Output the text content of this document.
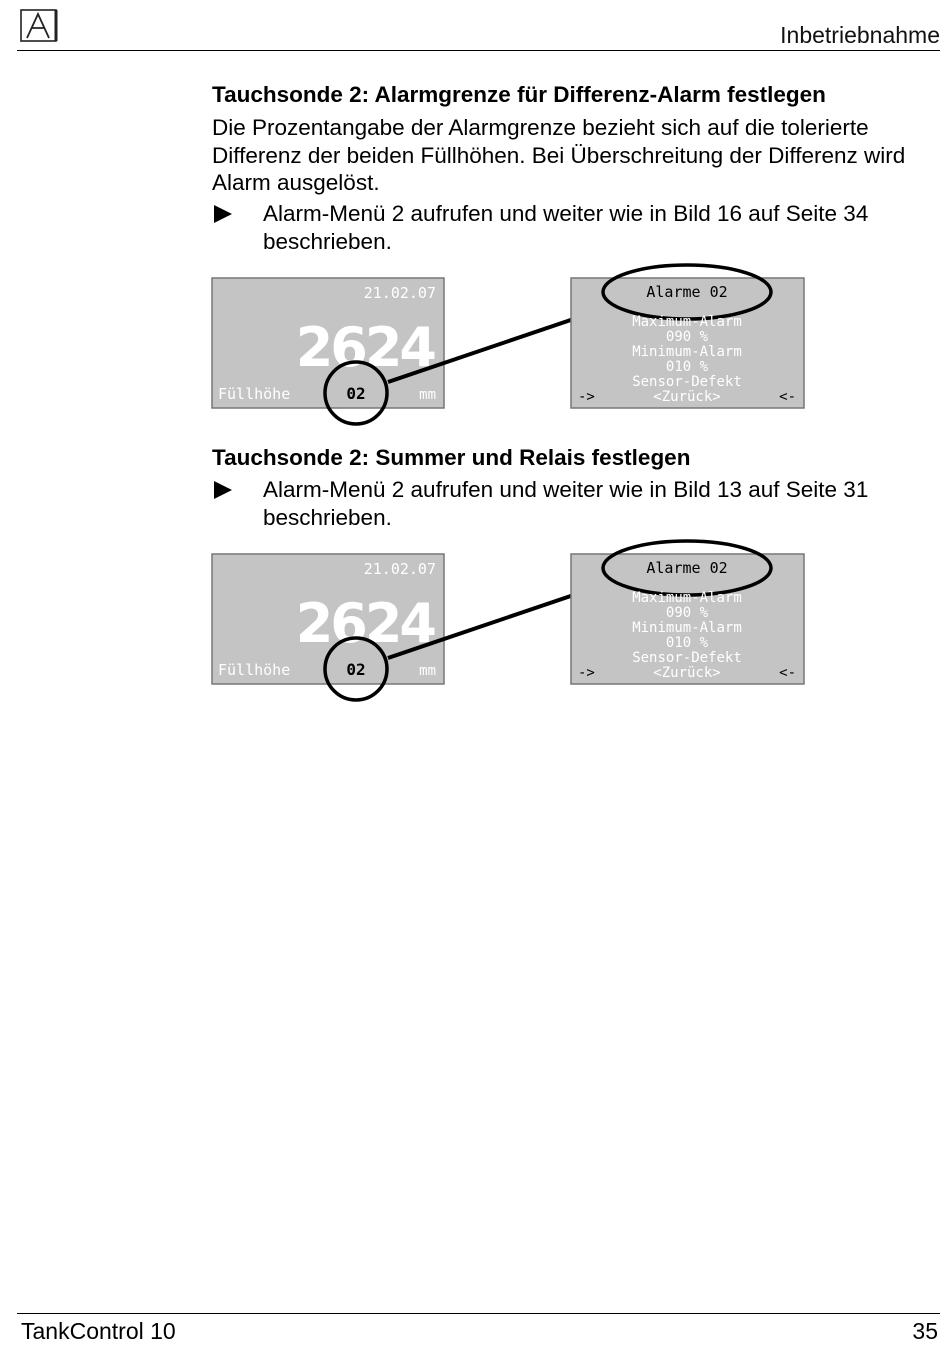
Inbetriebnahme
Tauchsonde 2: Alarmgrenze für Differenz-Alarm festlegen
Die Prozentangabe der Alarmgrenze bezieht sich auf die tolerierte Differenz der beiden Füllhöhen. Bei Überschreitung der Differenz wird Alarm ausgelöst.
Alarm-Menü 2 aufrufen und weiter wie in Bild 16 auf Seite 34 beschrieben.
21.02.07
2624
Füllhöhe	mm
02
Alarme 02
Maximum-Alarm
090 %
Minimum-Alarm
010 %
Sensor-Defekt
->	<Zurück>	<-
Tauchsonde 2: Summer und Relais festlegen
Alarm-Menü 2 aufrufen und weiter wie in Bild 13 auf Seite 31 beschrieben.
21.02.07
2624
Füllhöhe	mm
02
Alarme 02
Maximum-Alarm
090 %
Minimum-Alarm
010 %
Sensor-Defekt
->	<Zurück>	<-
TankControl 10	35
